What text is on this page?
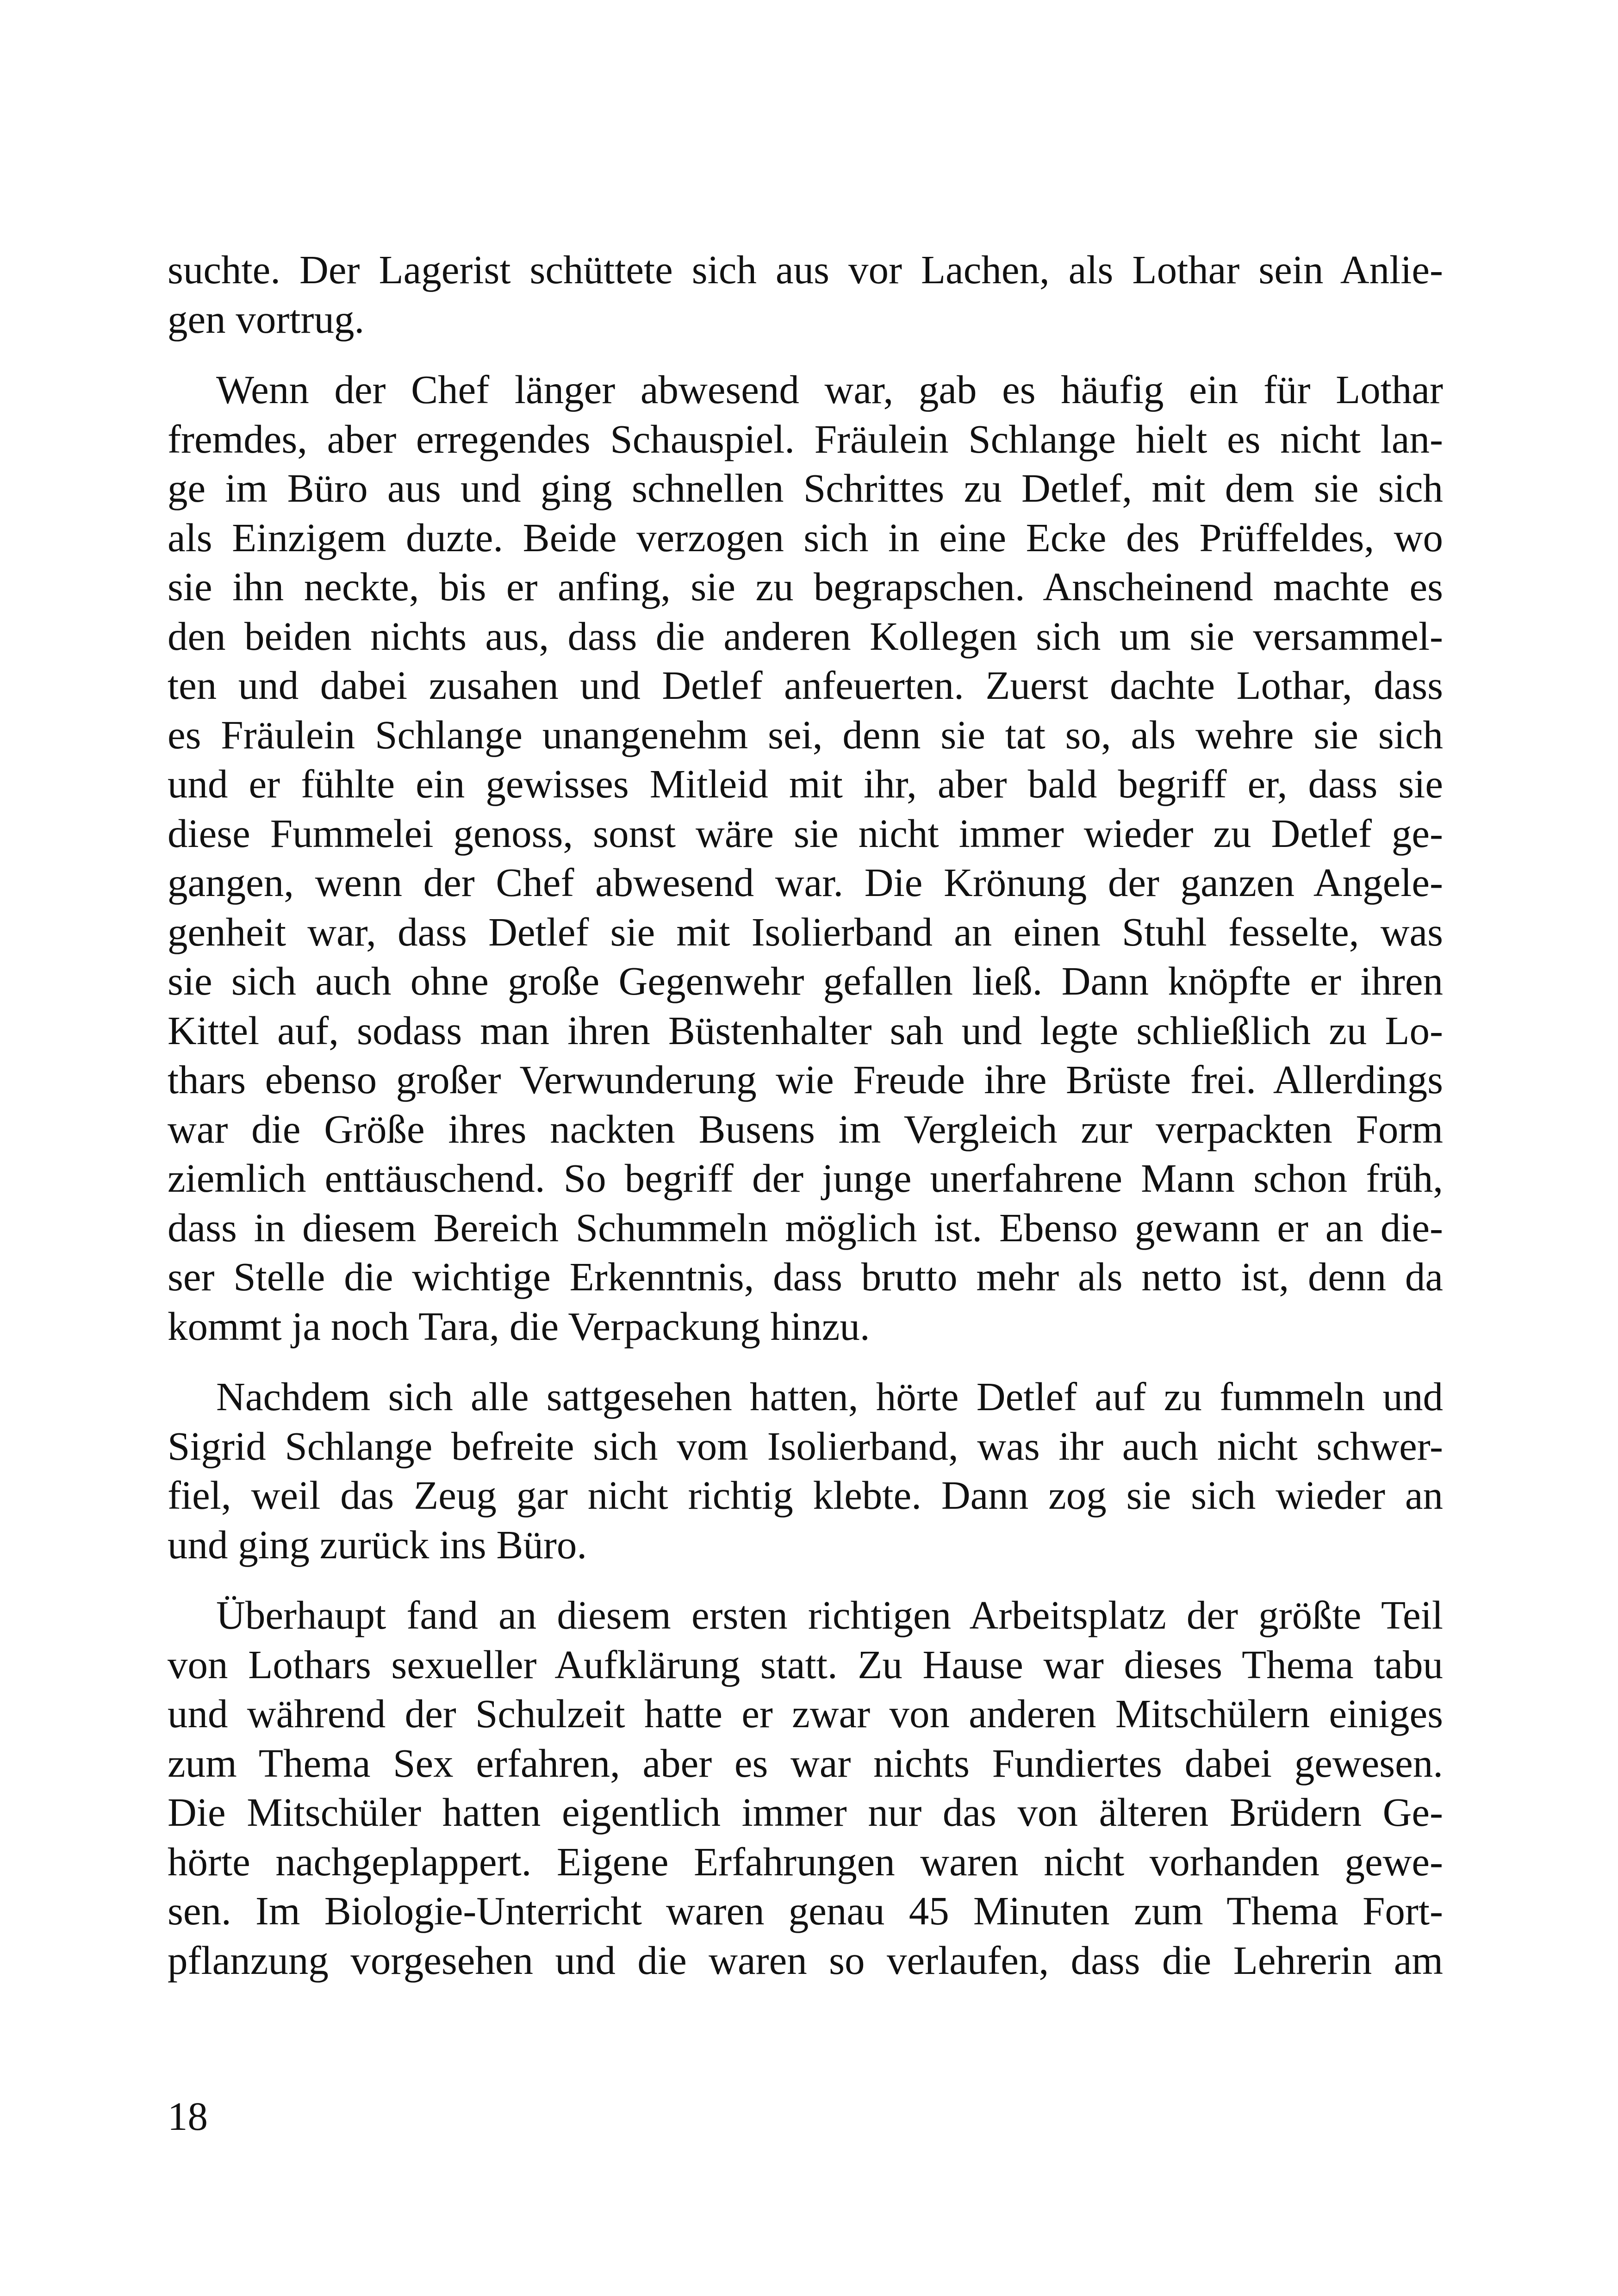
suchte. Der Lagerist schüttete sich aus vor Lachen, als Lothar sein Anlie-
gen vortrug.
Wenn der Chef länger abwesend war, gab es häufig ein für Lothar
fremdes, aber erregendes Schauspiel. Fräulein Schlange hielt es nicht lan-
ge im Büro aus und ging schnellen Schrittes zu Detlef, mit dem sie sich
als Einzigem duzte. Beide verzogen sich in eine Ecke des Prüffeldes, wo
sie ihn neckte, bis er anfing, sie zu begrapschen. Anscheinend machte es
den beiden nichts aus, dass die anderen Kollegen sich um sie versammel-
ten und dabei zusahen und Detlef anfeuerten. Zuerst dachte Lothar, dass
es Fräulein Schlange unangenehm sei, denn sie tat so, als wehre sie sich
und er fühlte ein gewisses Mitleid mit ihr, aber bald begriff er, dass sie
diese Fummelei genoss, sonst wäre sie nicht immer wieder zu Detlef ge-
gangen, wenn der Chef abwesend war. Die Krönung der ganzen Angele-
genheit war, dass Detlef sie mit Isolierband an einen Stuhl fesselte, was
sie sich auch ohne große Gegenwehr gefallen ließ. Dann knöpfte er ihren
Kittel auf, sodass man ihren Büstenhalter sah und legte schließlich zu Lo-
thars ebenso großer Verwunderung wie Freude ihre Brüste frei. Allerdings
war die Größe ihres nackten Busens im Vergleich zur verpackten Form
ziemlich enttäuschend. So begriff der junge unerfahrene Mann schon früh,
dass in diesem Bereich Schummeln möglich ist. Ebenso gewann er an die-
ser Stelle die wichtige Erkenntnis, dass brutto mehr als netto ist, denn da
kommt ja noch Tara, die Verpackung hinzu.
Nachdem sich alle sattgesehen hatten, hörte Detlef auf zu fummeln und
Sigrid Schlange befreite sich vom Isolierband, was ihr auch nicht schwer-
fiel, weil das Zeug gar nicht richtig klebte. Dann zog sie sich wieder an
und ging zurück ins Büro.
Überhaupt fand an diesem ersten richtigen Arbeitsplatz der größte Teil
von Lothars sexueller Aufklärung statt. Zu Hause war dieses Thema tabu
und während der Schulzeit hatte er zwar von anderen Mitschülern einiges
zum Thema Sex erfahren, aber es war nichts Fundiertes dabei gewesen.
Die Mitschüler hatten eigentlich immer nur das von älteren Brüdern Ge-
hörte nachgeplappert. Eigene Erfahrungen waren nicht vorhanden gewe-
sen. Im Biologie-Unterricht waren genau 45 Minuten zum Thema Fort-
pflanzung vorgesehen und die waren so verlaufen, dass die Lehrerin am
18
